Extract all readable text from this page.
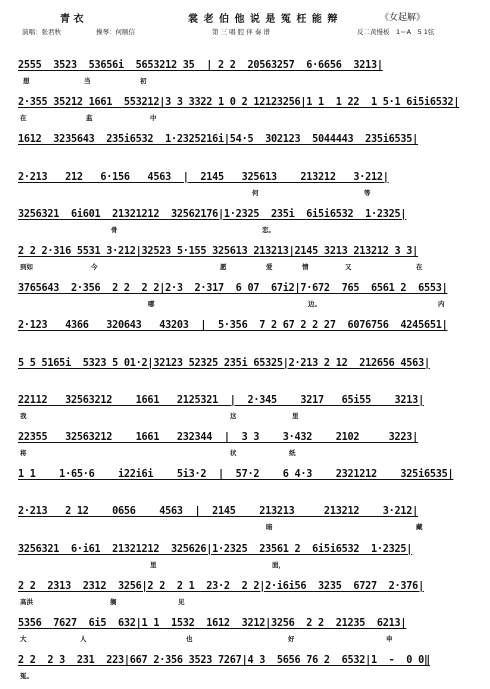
青 衣	裳 老 伯 他 说 是 冤 枉 能 辩	《女起解》
演唱：张君秋	操琴：何顺信	第 三 唱 腔 伴 奏 谱	反二黄慢板　1＝A　5 1弦
2555  3523  53656i  5653212 35  | 2 2  20563257  6·6656  3213|
想	当	初
2·355 35212 1661  553212|3 3 3322 1 0 2 12123256|1 1  1 22  1 5·1 6i5i6532|
在	监	中
1612  3235643  235i6532  1·2325216i|54·5  302123  5044443  235i6535|
2·213   212   6·156   4563  |  2145   325613    213212   3·212|
何	等
3256321  6i601  21321212  32562176|1·2325  235i  6i5i6532  1·2325|
骨	恋。
2 2 2·316 5531 3·212|32523 5·155 325613 213213|2145 3213 213212 3 3|
到如	今	愿	爱	情	又	在
3765643  2·356  2 2  2 2|2·3  2·317  6 07  67i2|7·672  765  6561 2  6553|
哪	边。	内
2·123   4366   320643   43203  |  5·356  7 2 67 2 2 27  6076756  4245651|
5 5 5165i  5323 5 01·2|32123 52325 235i 65325|2·213 2 12  212656 4563|
22112   32563212    1661   2125321  |  2·345    3217   65i55    3213|
我	这	里
22355   32563212    1661   232344  |  3 3    3·432    2102     3223|
将	状	纸
1 1    1·65·6    i22i6i    5i3·2  |  57·2    6 4·3    2321212    325i6535|
2·213   2 12    0656    4563  |  2145    213213     213212    3·212|
暗	藏
3256321  6·i61  21321212  325626|1·2325  23561 2  6i5i6532  1·2325|
里	面，
2 2  2313  2312  3256|2 2  2 1  23·2  2 2|2·i6i56  3235  6727  2·376|
高洪	搁	见
5356  7627  6i5  632|1 1  1532  1612  3212|3256  2 2  21235  6213|
大	人	也	好	申
2 2  2 3  231  223|667 2·356 3523 7267|4 3  5656 76 2  6532|1  -  0 0‖
冤。
